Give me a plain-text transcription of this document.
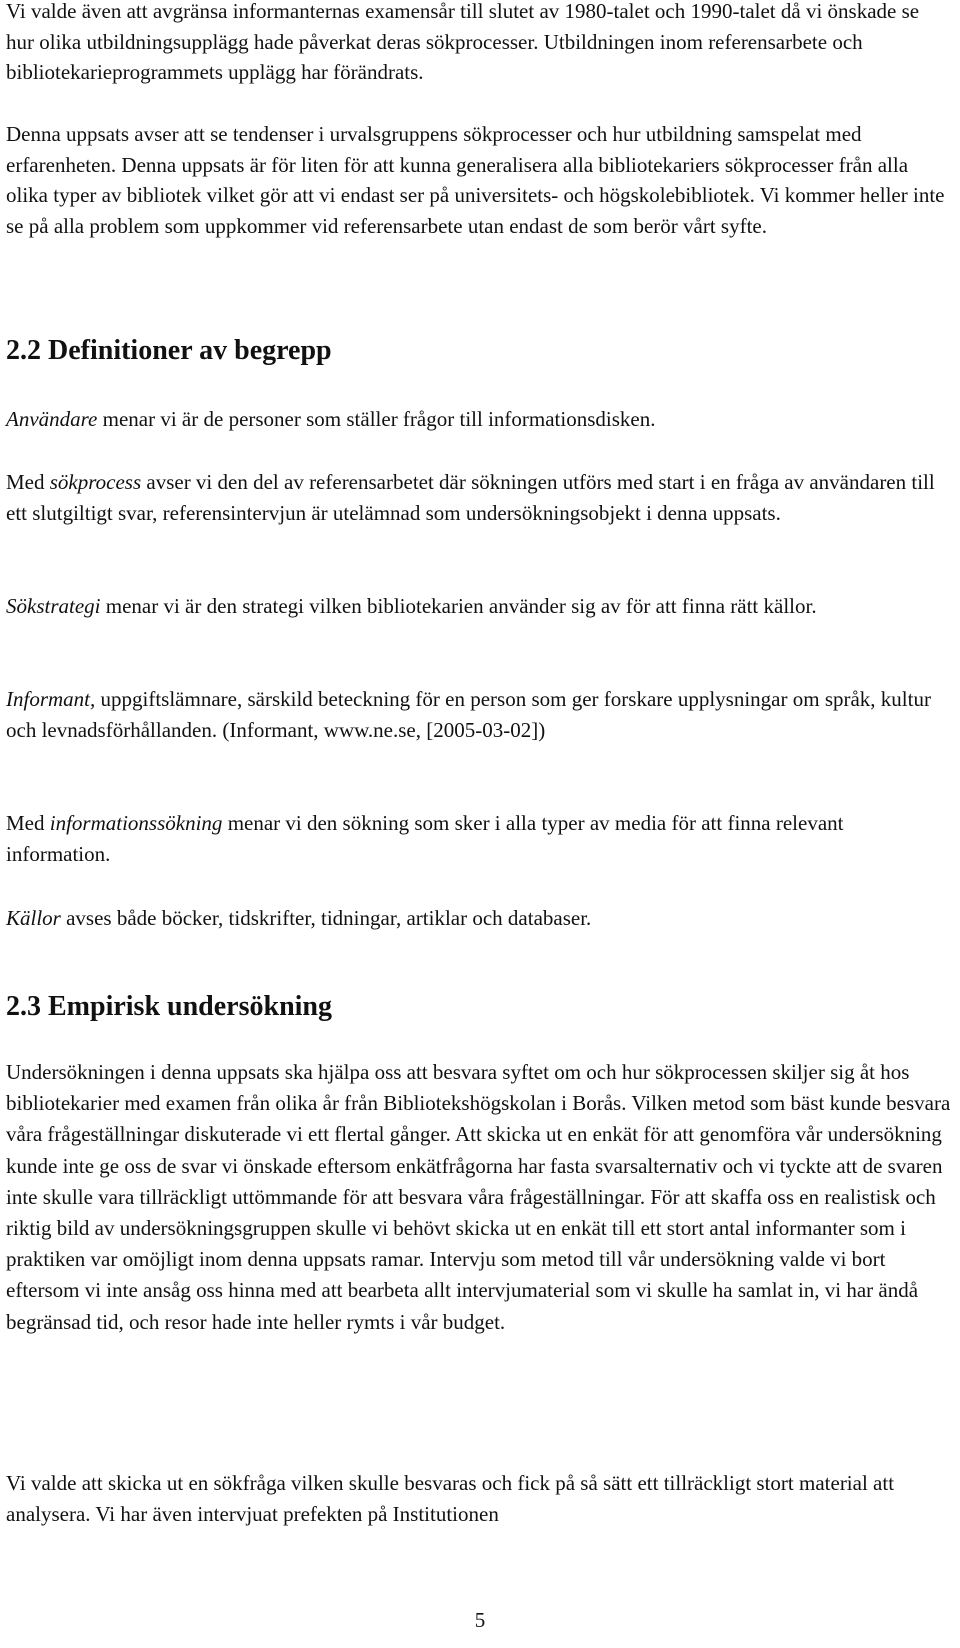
Vi valde även att avgränsa informanternas examensår till slutet av 1980-talet och 1990-talet då vi önskade se hur olika utbildningsupplägg hade påverkat deras sökprocesser. Utbildningen inom referensarbete och bibliotekarieprogrammets upplägg har förändrats.

Denna uppsats avser att se tendenser i urvalsgruppens sökprocesser och hur utbildning samspelat med erfarenheten. Denna uppsats är för liten för att kunna generalisera alla bibliotekariers sökprocesser från alla olika typer av bibliotek vilket gör att vi endast ser på universitets- och högskolebibliotek. Vi kommer heller inte se på alla problem som uppkommer vid referensarbete utan endast de som berör vårt syfte.

2.2 Definitioner av begrepp

Användare menar vi är de personer som ställer frågor till informationsdisken.

Med sökprocess avser vi den del av referensarbetet där sökningen utförs med start i en fråga av användaren till ett slutgiltigt svar, referensintervjun är utelämnad som undersökningsobjekt i denna uppsats.

Sökstrategi menar vi är den strategi vilken bibliotekarien använder sig av för att finna rätt källor.

Informant, uppgiftslämnare, särskild beteckning för en person som ger forskare upplysningar om språk, kultur och levnadsförhållanden. (Informant, www.ne.se, [2005-03-02])

Med informationssökning menar vi den sökning som sker i alla typer av media för att finna relevant information.

Källor avses både böcker, tidskrifter, tidningar, artiklar och databaser.

2.3 Empirisk undersökning

Undersökningen i denna uppsats ska hjälpa oss att besvara syftet om och hur sökprocessen skiljer sig åt hos bibliotekarier med examen från olika år från Bibliotekshögskolan i Borås. Vilken metod som bäst kunde besvara våra frågeställningar diskuterade vi ett flertal gånger. Att skicka ut en enkät för att genomföra vår undersökning kunde inte ge oss de svar vi önskade eftersom enkätfrågorna har fasta svarsalternativ och vi tyckte att de svaren inte skulle vara tillräckligt uttömmande för att besvara våra frågeställningar. För att skaffa oss en realistisk och riktig bild av undersökningsgruppen skulle vi behövt skicka ut en enkät till ett stort antal informanter som i praktiken var omöjligt inom denna uppsats ramar. Intervju som metod till vår undersökning valde vi bort eftersom vi inte ansåg oss hinna med att bearbeta allt intervjumaterial som vi skulle ha samlat in, vi har ändå begränsad tid, och resor hade inte heller rymts i vår budget.

Vi valde att skicka ut en sökfråga vilken skulle besvaras och fick på så sätt ett tillräckligt stort material att analysera. Vi har även intervjuat prefekten på Institutionen

5
